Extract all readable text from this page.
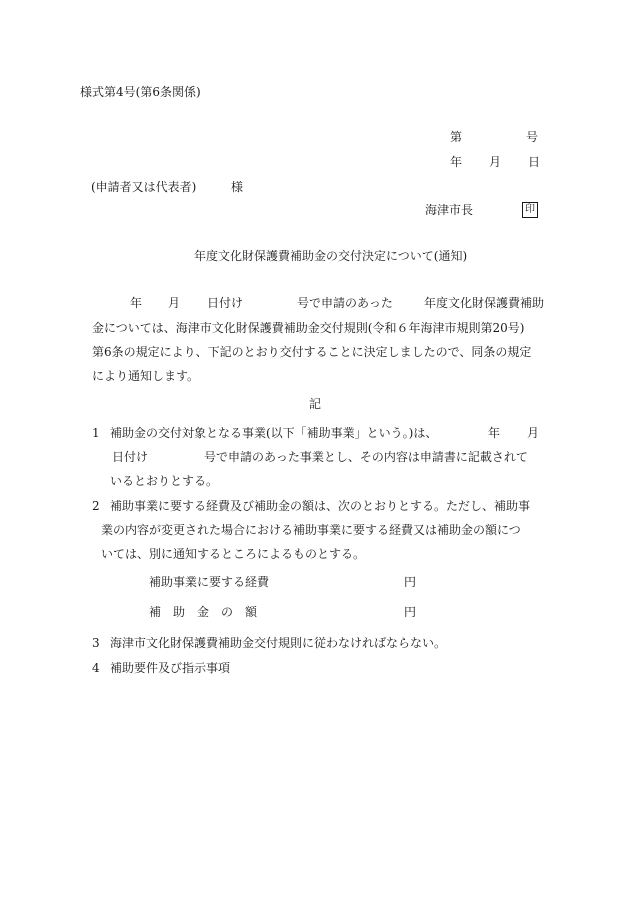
様式第4号(第6条関係)
第	号
年 月 日
(申請者又は代表者)	様
海津市長	印
年度文化財保護費補助金の交付決定について(通知)
年 月 日付け	号で申請のあった	年度文化財保護費補助
金については、海津市文化財保護費補助金交付規則(令和６年海津市規則第20号)
第6条の規定により、下記のとおり交付することに決定しましたので、同条の規定
により通知します。
記
1 補助金の交付対象となる事業(以下「補助事業」という。)は、	年 月
日付け	号で申請のあった事業とし、その内容は申請書に記載されて
いるとおりとする。
2 補助事業に要する経費及び補助金の額は、次のとおりとする。ただし、補助事
業の内容が変更された場合における補助事業に要する経費又は補助金の額につ
いては、別に通知するところによるものとする。
補助事業に要する経費	円
補　助　金　の　額	円
3 海津市文化財保護費補助金交付規則に従わなければならない。
4 補助要件及び指示事項
